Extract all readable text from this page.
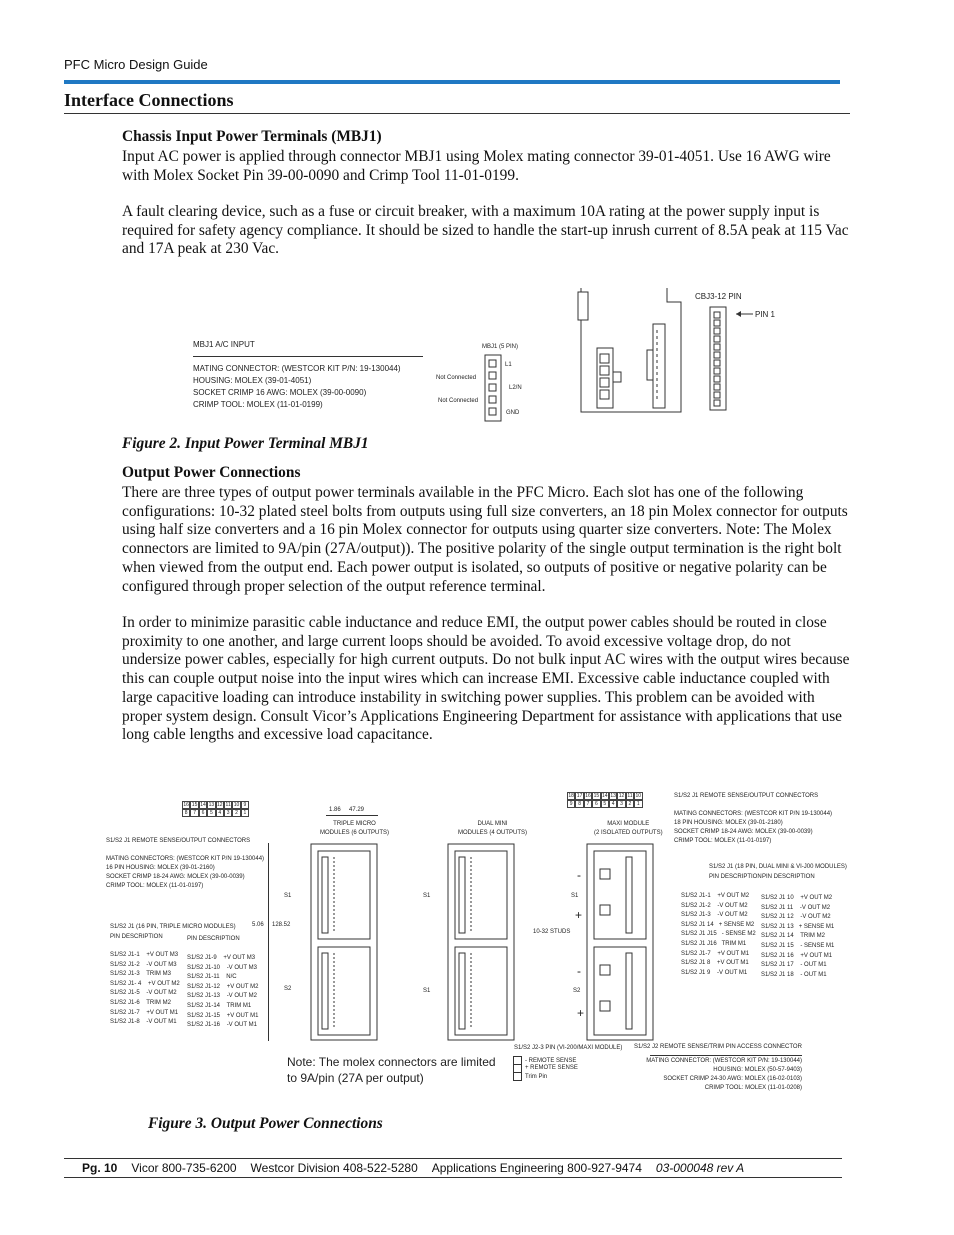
PFC Micro Design Guide
Interface Connections
Chassis Input Power Terminals (MBJ1)
Input AC power is applied through connector MBJ1 using Molex mating connector 39-01-4051. Use 16 AWG wire with Molex Socket Pin 39-00-0090 and Crimp Tool 11-01-0199.
A fault clearing device, such as a fuse or circuit breaker, with a maximum 10A rating at the power supply input is required for safety agency compliance. It should be sized to handle the start-up inrush current of 8.5A peak at 115 Vac and 17A peak at 230 Vac.
MBJ1 A/C INPUT
MATING CONNECTOR: (WESTCOR KIT P/N: 19-130044)
HOUSING: MOLEX (39-01-4051)
SOCKET CRIMP 16 AWG: MOLEX (39-00-0090)
CRIMP TOOL: MOLEX (11-01-0199)
MBJ1 (5 PIN)
Not Connected
Not Connected
L1
L2/N
GND
CBJ3-12 PIN
PIN 1
Figure 2. Input Power Terminal MBJ1
Output Power Connections
There are three types of output power terminals available in the PFC Micro. Each slot has one of the following configurations: 10-32 plated steel bolts from outputs using full size converters, an 18 pin Molex connector for outputs using half size converters and a 16 pin Molex connector for outputs using quarter size converters. Note: The Molex connectors are limited to 9A/pin (27A/output)). The positive polarity of the single output termination is the right bolt when viewed from the output end. Each power output is isolated, so outputs of positive or negative polarity can be configured through proper selection of the output reference terminal.
In order to minimize parasitic cable inductance and reduce EMI, the output power cables should be routed in close proximity to one another, and large current loops should be avoided. To avoid excessive voltage drop, do not undersize power cables, especially for high current outputs. Do not bulk input AC wires with the output wires because this can couple output noise into the input wires which can increase EMI. Excessive cable inductance coupled with large capacitive loading can introduce instability in switching power supplies. This problem can be avoided with proper system design. Consult Vicor’s Applications Engineering Department for assistance with applications that use long cable lengths and excessive load capacitance.
16 15 14 13 12 11 10 9
8	7	6	5	4	3	2	1
S1/S2 J1 REMOTE SENSE/OUTPUT CONNECTORS
MATING CONNECTORS: (WESTCOR KIT P/N 19-130044)
16 PIN HOUSING: MOLEX (39-01-2160)
SOCKET CRIMP 18-24 AWG: MOLEX (39-00-0039)
CRIMP TOOL: MOLEX (11-01-0197)
S1/S2 J1 (16 PIN, TRIPLE MICRO MODULES)
PIN DESCRIPTION	PIN DESCRIPTION
S1/S2 J1-1    +V OUT M3
S1/S2 J1-2    -V OUT M3
S1/S2 J1-3    TRIM M3
S1/S2 J1- 4    +V OUT M2
S1/S2 J1-5    -V OUT M2
S1/S2 J1-6    TRIM M2
S1/S2 J1-7    +V OUT M1
S1/S2 J1-8    -V OUT M1
S1/S2 J1-9    +V OUT M3
S1/S2 J1-10    -V OUT M3
S1/S2 J1-11    N/C
S1/S2 J1-12    +V OUT M2
S1/S2 J1-13    -V OUT M2
S1/S2 J1-14    TRIM M1
S1/S2 J1-15    +V OUT M1
S1/S2 J1-16    -V OUT M1
1.86 47.29
5.06 128.52
TRIPLE MICRO
MODULES (6 OUTPUTS)
DUAL MINI
MODULES (4 OUTPUTS)
MAXI MODULE
(2 ISOLATED OUTPUTS)
S1
S2
S1
S1
S1
S2
10-32 STUDS
-
+
-
+
18 17 16 15 14 13 12 11 10
9	8	7	6	5	4	3	2	1
S1/S2 J1 REMOTE SENSE/OUTPUT CONNECTORS
MATING CONNECTORS: (WESTCOR KIT P/N 19-130044)
18 PIN HOUSING: MOLEX (39-01-2180)
SOCKET CRIMP 18-24 AWG: MOLEX (39-00-0039)
CRIMP TOOL: MOLEX (11-01-0197)
S1/S2 J1 (18 PIN, DUAL MINI & VI-J00 MODULES)
PIN DESCRIPTION PIN DESCRIPTION
S1/S2 J1-1    +V OUT M2
S1/S2 J1-2    -V OUT M2
S1/S2 J1-3    -V OUT M2
S1/S2 J1 14   + SENSE M2
S1/S2 J1 J15   - SENSE M2
S1/S2 J1 J16   TRIM M1
S1/S2 J1-7    +V OUT M1
S1/S2 J1 8    +V OUT M1
S1/S2 J1 9    -V OUT M1
S1/S2 J1 10    +V OUT M2
S1/S2 J1 11    -V OUT M2
S1/S2 J1 12    -V OUT M2
S1/S2 J1 13   + SENSE M1
S1/S2 J1 14    TRIM M2
S1/S2 J1 15    - SENSE M1
S1/S2 J1 16    +V OUT M1
S1/S2 J1 17    - OUT M1
S1/S2 J1 18    - OUT M1
S1/S2 J2-3 PIN (VI-200/MAXI MODULE)
- REMOTE SENSE
+ REMOTE SENSE
Trim Pin
S1/S2 J2 REMOTE SENSE/TRIM PIN ACCESS CONNECTOR
MATING CONNECTOR: (WESTCOR KIT P/N: 19-130044)
HOUSING: MOLEX (50-57-9403)
SOCKET CRIMP 24-30 AWG: MOLEX (16-02-0103)
CRIMP TOOL: MOLEX (11-01-0208)
Note: The molex connectors are limited to 9A/pin (27A per output)
Figure 3. Output Power Connections
Pg. 10 Vicor 800-735-6200 Westcor Division 408-522-5280 Applications Engineering 800-927-9474 03-000048 rev A
